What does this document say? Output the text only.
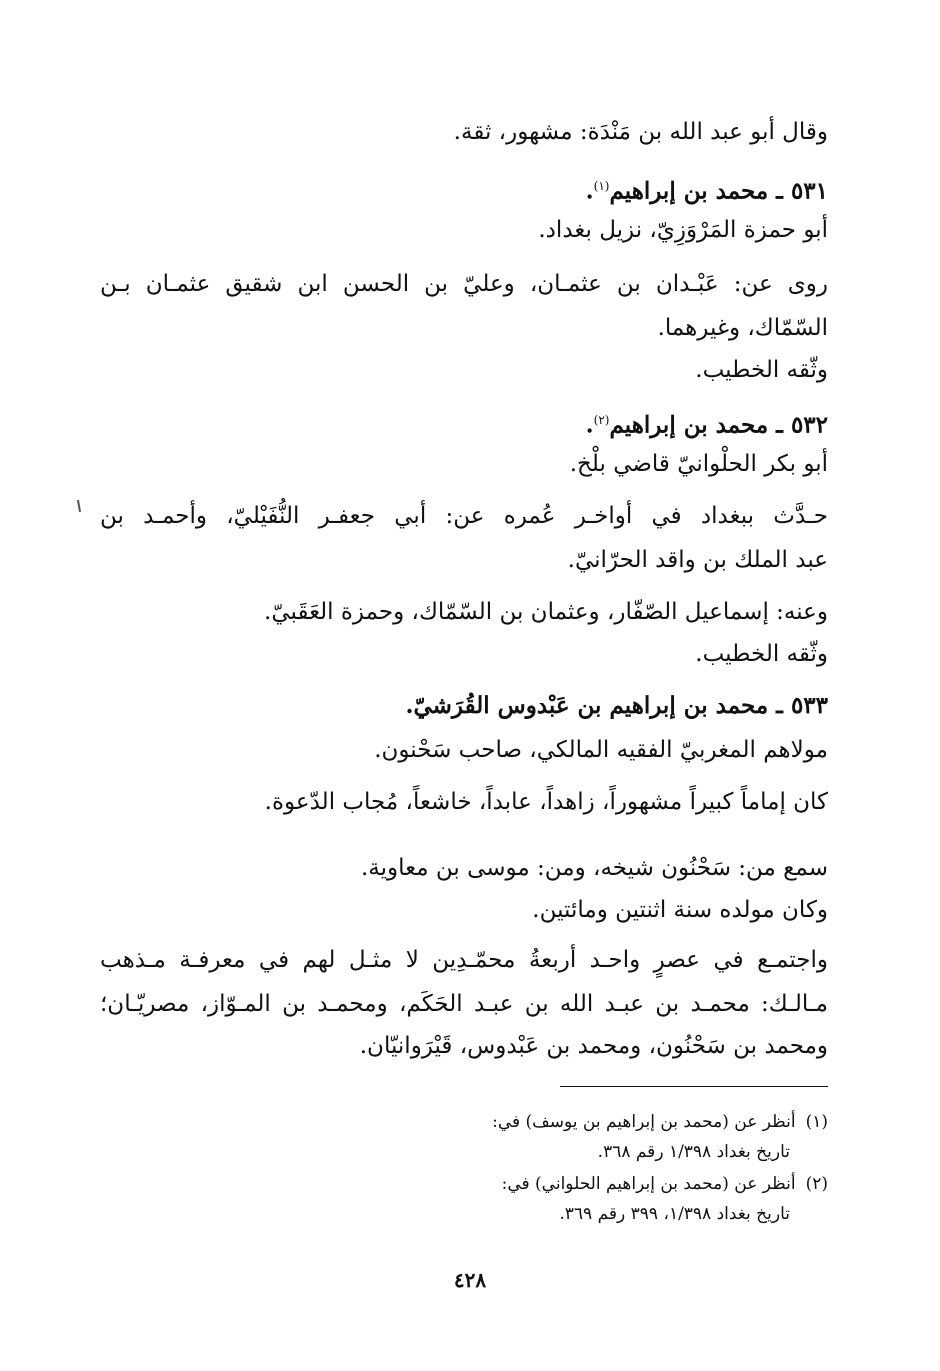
وقال أبو عبد الله بن مَنْدَة: مشهور، ثقة.
٥٣١ ـ محمد بن إبراهيم$^{(١)}$.
أبو حمزة المَرْوَزِيّ، نزيل بغداد.
روى عن: عَبْـدان بن عثمـان، وعليّ بن الحسن ابن شقيق عثمـان بـن
السّمّاك، وغيرهما.
وثّقه الخطيب.
٥٣٢ ـ محمد بن إبراهيم$^{(٢)}$.
أبو بكر الحلْوانيّ قاضي بلْخ.
حـدَّث ببغداد في أواخـر عُمره عن: أبي جعفـر النُّفَيْليّ، وأحمـد بن
عبد الملك بن واقد الحرّانيّ.
وعنه: إسماعيل الصّفّار، وعثمان بن السّمّاك، وحمزة العَقَبيّ.
وثّقه الخطيب.
٥٣٣ ـ محمد بن إبراهيم بن عَبْدوس القُرَشيّ.
مولاهم المغربيّ الفقيه المالكي، صاحب سَحْنون.
كان إماماً كبيراً مشهوراً، زاهداً، عابداً، خاشعاً، مُجاب الدّعوة.
سمع من: سَحْنُون شيخه، ومن: موسى بن معاوية.
وكان مولده سنة اثنتين ومائتين.
واجتمـع في عصرٍ واحـد أربعةُ محمّـدِين لا مثـل لهم في معرفـة مـذهب
مـالـك: محمـد بن عبـد الله بن عبـد الحَكَم، ومحمـد بن المـوّاز، مصريّـان؛
ومحمد بن سَحْنُون، ومحمد بن عَبْدوس، قَيْرَوانيّان.
(١)أنظر عن (محمد بن إبراهيم بن يوسف) في:
تاريخ بغداد ١/٣٩٨ رقم ٣٦٨.
(٢)أنظر عن (محمد بن إبراهيم الحلواني) في:
تاريخ بغداد ١/٣٩٨، ٣٩٩ رقم ٣٦٩.
٤٢٨
